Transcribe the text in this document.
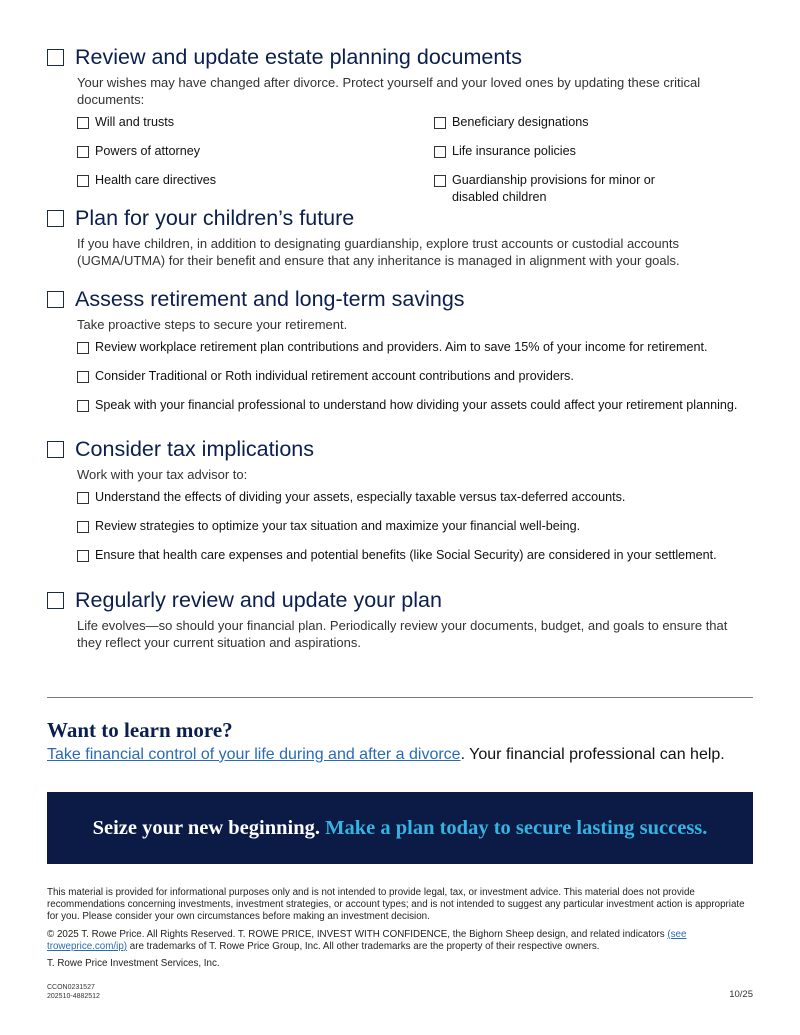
Review and update estate planning documents
Your wishes may have changed after divorce. Protect yourself and your loved ones by updating these critical documents:
Will and trusts
Powers of attorney
Health care directives
Beneficiary designations
Life insurance policies
Guardianship provisions for minor or disabled children
Plan for your children’s future
If you have children, in addition to designating guardianship, explore trust accounts or custodial accounts (UGMA/UTMA) for their benefit and ensure that any inheritance is managed in alignment with your goals.
Assess retirement and long-term savings
Take proactive steps to secure your retirement.
Review workplace retirement plan contributions and providers. Aim to save 15% of your income for retirement.
Consider Traditional or Roth individual retirement account contributions and providers.
Speak with your financial professional to understand how dividing your assets could affect your retirement planning.
Consider tax implications
Work with your tax advisor to:
Understand the effects of dividing your assets, especially taxable versus tax-deferred accounts.
Review strategies to optimize your tax situation and maximize your financial well-being.
Ensure that health care expenses and potential benefits (like Social Security) are considered in your settlement.
Regularly review and update your plan
Life evolves—so should your financial plan. Periodically review your documents, budget, and goals to ensure that they reflect your current situation and aspirations.
Want to learn more?
Take financial control of your life during and after a divorce. Your financial professional can help.
Seize your new beginning. Make a plan today to secure lasting success.

This material is provided for informational purposes only and is not intended to provide legal, tax, or investment advice. This material does not provide recommendations concerning investments, investment strategies, or account types; and is not intended to suggest any particular investment action is appropriate for you. Please consider your own circumstances before making an investment decision.

© 2025 T. Rowe Price. All Rights Reserved. T. ROWE PRICE, INVEST WITH CONFIDENCE, the Bighorn Sheep design, and related indicators (see troweprice.com/ip) are trademarks of T. Rowe Price Group, Inc. All other trademarks are the property of their respective owners.

T. Rowe Price Investment Services, Inc.

CCON0231527
202510-4882512	10/25
